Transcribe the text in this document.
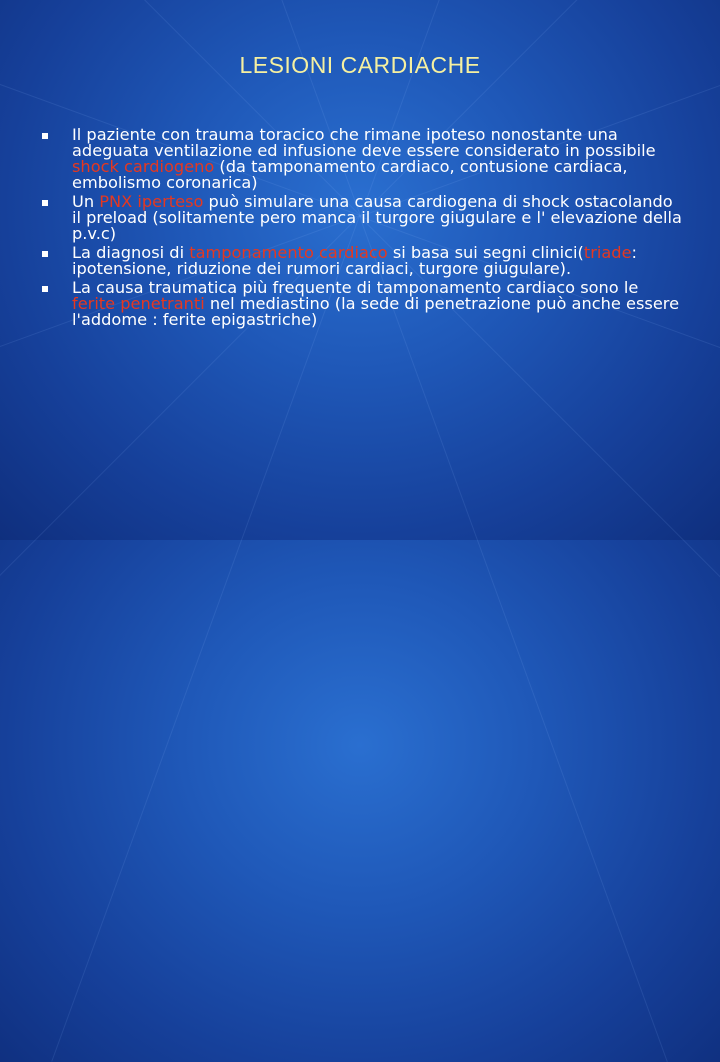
LESIONI CARDIACHE
Il paziente con trauma toracico che rimane ipoteso nonostante una adeguata ventilazione ed infusione deve essere considerato in possibile shock cardiogeno (da tamponamento cardiaco, contusione cardiaca, embolismo coronarica)
Un PNX iperteso può simulare una causa cardiogena di shock ostacolando il preload (solitamente pero manca il turgore giugulare e l' elevazione della p.v.c)
La diagnosi di tamponamento cardiaco si basa sui segni clinici(triade: ipotensione, riduzione dei rumori cardiaci, turgore giugulare).
La causa traumatica più frequente di tamponamento cardiaco sono le ferite penetranti nel mediastino (la sede di penetrazione può anche essere l'addome : ferite epigastriche)
